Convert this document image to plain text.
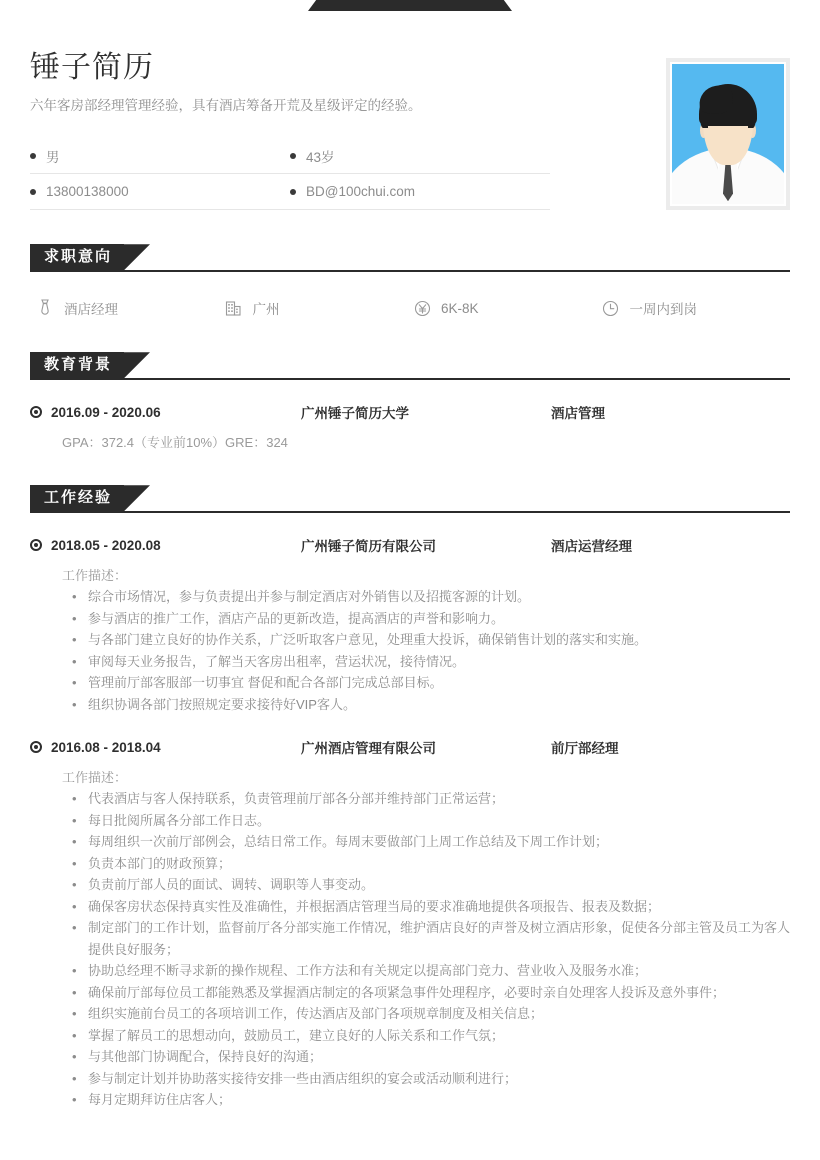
锤子简历

六年客房部经理管理经验，具有酒店筹备开荒及星级评定的经验。

男	43岁
13800138000	BD@100chui.com
求职意向
酒店经理	广州	6K-8K	一周内到岗
教育背景
2016.09 - 2020.06	广州锤子简历大学	酒店管理
GPA：372.4（专业前10%）GRE：324
工作经验
2018.05 - 2020.08	广州锤子简历有限公司	酒店运营经理
工作描述：
• 综合市场情况，参与负责提出并参与制定酒店对外销售以及招揽客源的计划。
• 参与酒店的推广工作，酒店产品的更新改造，提高酒店的声誉和影响力。
• 与各部门建立良好的协作关系，广泛听取客户意见，处理重大投诉，确保销售计划的落实和实施。
• 审阅每天业务报告，了解当天客房出租率，营运状况，接待情况。
• 管理前厅部客服部一切事宜 督促和配合各部门完成总部目标。
• 组织协调各部门按照规定要求接待好VIP客人。
2016.08 - 2018.04	广州酒店管理有限公司	前厅部经理
工作描述：
• 代表酒店与客人保持联系，负责管理前厅部各分部并维持部门正常运营；
• 每日批阅所属各分部工作日志。
• 每周组织一次前厅部例会，总结日常工作。每周末要做部门上周工作总结及下周工作计划；
• 负责本部门的财政预算；
• 负责前厅部人员的面试、调转、调职等人事变动。
• 确保客房状态保持真实性及准确性，并根据酒店管理当局的要求准确地提供各项报告、报表及数据；
• 制定部门的工作计划，监督前厅各分部实施工作情况，维护酒店良好的声誉及树立酒店形象，促使各分部主管及员工为客人提供良好服务；
• 协助总经理不断寻求新的操作规程、工作方法和有关规定以提高部门竞力、营业收入及服务水准；
• 确保前厅部每位员工都能熟悉及掌握酒店制定的各项紧急事件处理程序，必要时亲自处理客人投诉及意外事件；
• 组织实施前台员工的各项培训工作，传达酒店及部门各项规章制度及相关信息；
• 掌握了解员工的思想动向，鼓励员工，建立良好的人际关系和工作气氛；
• 与其他部门协调配合，保持良好的沟通；
• 参与制定计划并协助落实接待安排一些由酒店组织的宴会或活动顺利进行；
• 每月定期拜访住店客人；
